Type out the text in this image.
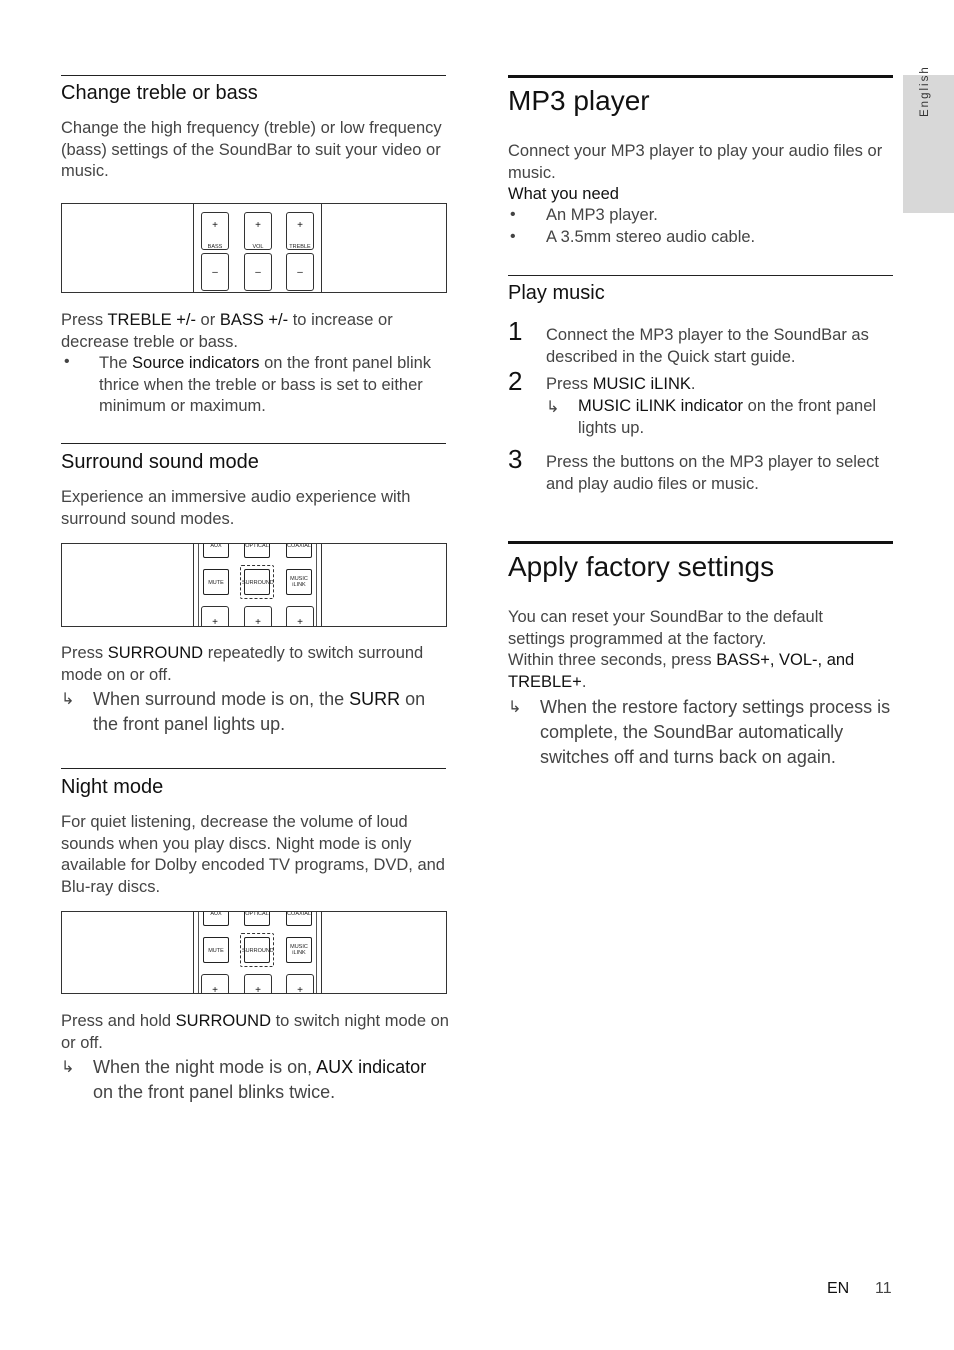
English
Change treble or bass

Change the high frequency (treble) or low frequency (bass) settings of the SoundBar to suit your video or music.

+
BASS
–
+
VOL
–
+
TREBLE
–

Press TREBLE +/- or BASS +/- to increase or decrease treble or bass.

• The Source indicators on the front panel blink thrice when the treble or bass is set to either minimum or maximum.

Surround sound mode

Experience an immersive audio experience with surround sound modes.

AUX	OPTICAL	COAXIAL
MUTE	SURROUND
MUSIC iLINK
+	+	+

Press SURROUND repeatedly to switch surround mode on or off.

↳ When surround mode is on, the SURR on the front panel lights up.

Night mode

For quiet listening, decrease the volume of loud sounds when you play discs. Night mode is only available for Dolby encoded TV programs, DVD, and Blu-ray discs.

AUX	OPTICAL	COAXIAL
MUTE	SURROUND
MUSIC iLINK
+	+	+

Press and hold SURROUND to switch night mode on or off.

↳ When the night mode is on, AUX indicator on the front panel blinks twice.

MP3 player

Connect your MP3 player to play your audio files or music.

What you need

• An MP3 player.

• A 3.5mm stereo audio cable.

Play music
1 Connect the MP3 player to the SoundBar as described in the Quick start guide.

2 Press MUSIC iLINK.

↳ MUSIC iLINK indicator on the front panel lights up.

3 Press the buttons on the MP3 player to select and play audio files or music.

Apply factory settings

You can reset your SoundBar to the default settings programmed at the factory.

Within three seconds, press BASS+, VOL-, and TREBLE+.

↳ When the restore factory settings process is complete, the SoundBar automatically switches off and turns back on again.

EN 11
